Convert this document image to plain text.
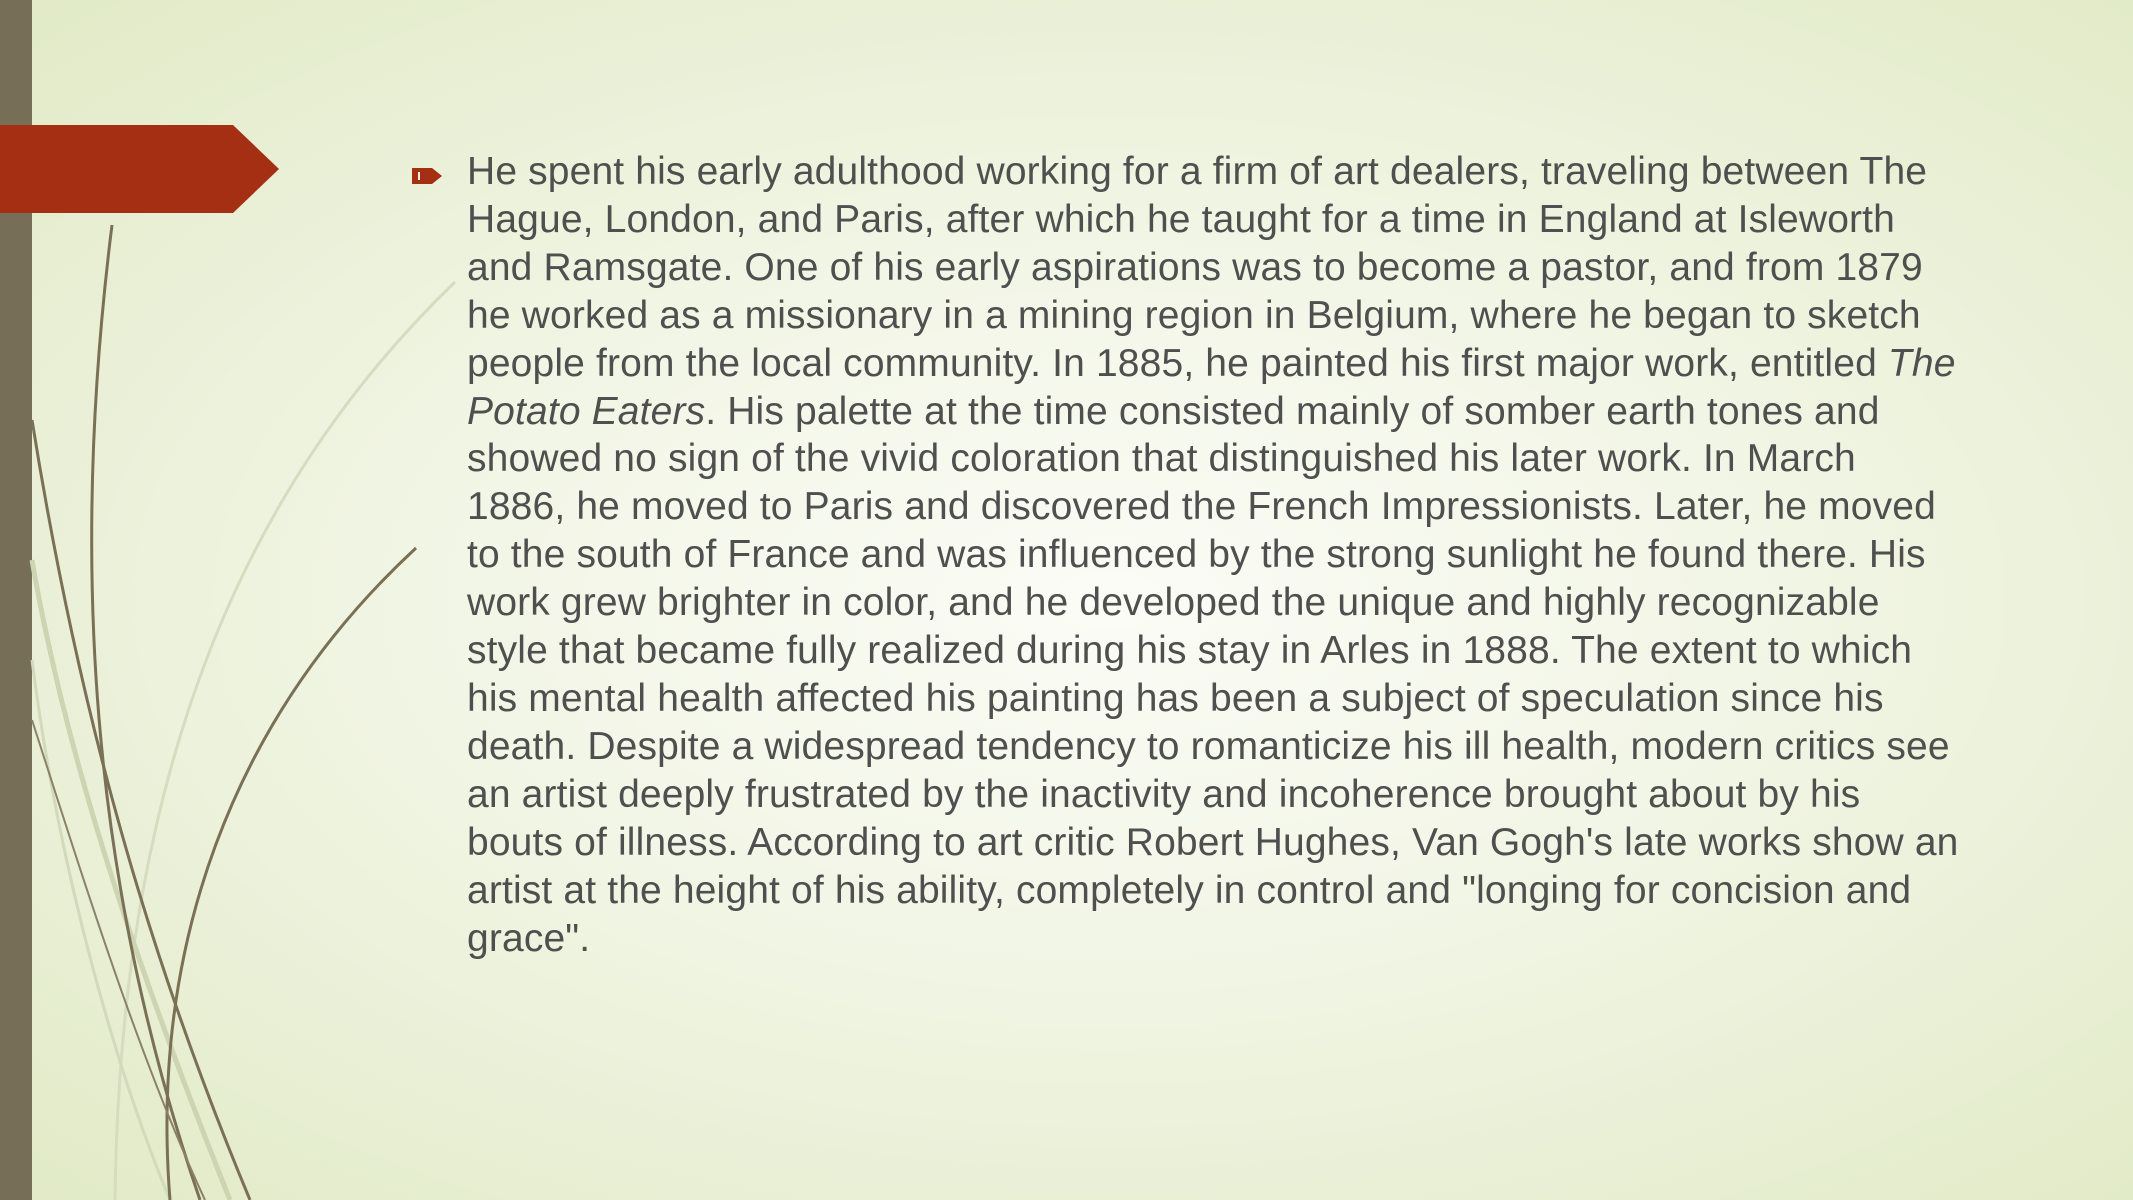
He spent his early adulthood working for a firm of art dealers, traveling between The Hague, London, and Paris, after which he taught for a time in England at Isleworth and Ramsgate. One of his early aspirations was to become a pastor, and from 1879 he worked as a missionary in a mining region in Belgium, where he began to sketch people from the local community. In 1885, he painted his first major work, entitled The Potato Eaters. His palette at the time consisted mainly of somber earth tones and showed no sign of the vivid coloration that distinguished his later work. In March 1886, he moved to Paris and discovered the French Impressionists. Later, he moved to the south of France and was influenced by the strong sunlight he found there. His work grew brighter in color, and he developed the unique and highly recognizable style that became fully realized during his stay in Arles in 1888. The extent to which his mental health affected his painting has been a subject of speculation since his death. Despite a widespread tendency to romanticize his ill health, modern critics see an artist deeply frustrated by the inactivity and incoherence brought about by his bouts of illness. According to art critic Robert Hughes, Van Gogh's late works show an artist at the height of his ability, completely in control and "longing for concision and grace".
